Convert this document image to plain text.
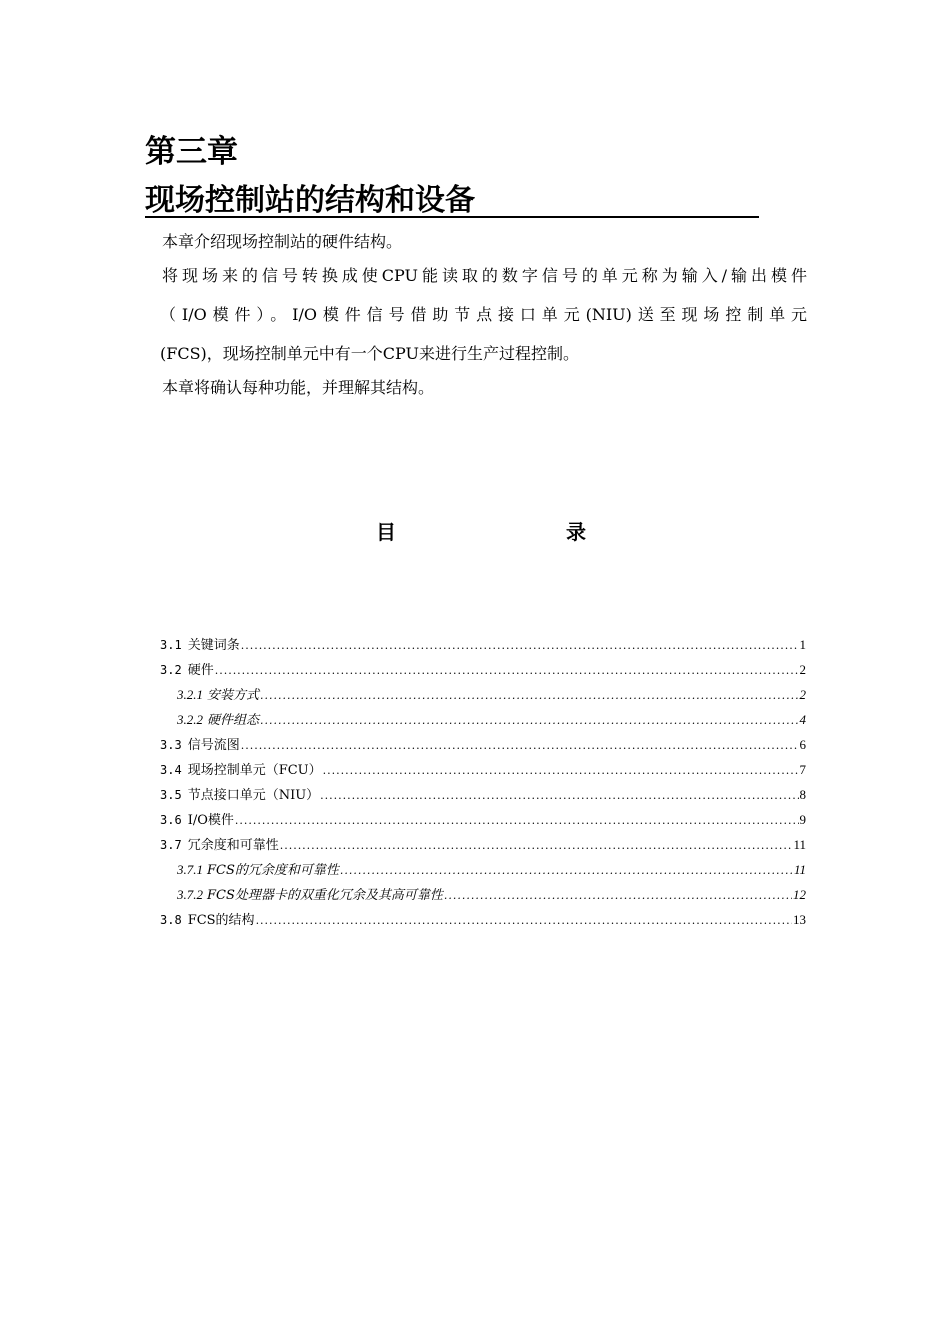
第三章
现场控制站的结构和设备

本章介绍现场控制站的硬件结构。

将现场来的信号转换成使CPU能读取的数字信号的单元称为输入/输出模件

（I/O模件）。I/O模件信号借助节点接口单元(NIU)送至现场控制单元

(FCS)，现场控制单元中有一个CPU来进行生产过程控制。

本章将确认每种功能，并理解其结构。

目	录
3.1 关键词条 .....	1
3.2 硬件 .....	2
3.2.1 安装方式 .....	2
3.2.2 硬件组态 .....	4
3.3 信号流图 .....	6
3.4 现场控制单元（FCU） .....	7
3.5 节点接口单元（NIU） .....	8
3.6 I/O模件 .....	9
3.7 冗余度和可靠性 .....	11
3.7.1 FCS的冗余度和可靠性 .....	11
3.7.2 FCS处理器卡的双重化冗余及其高可靠性 .....	12
3.8 FCS的结构 .....	13
